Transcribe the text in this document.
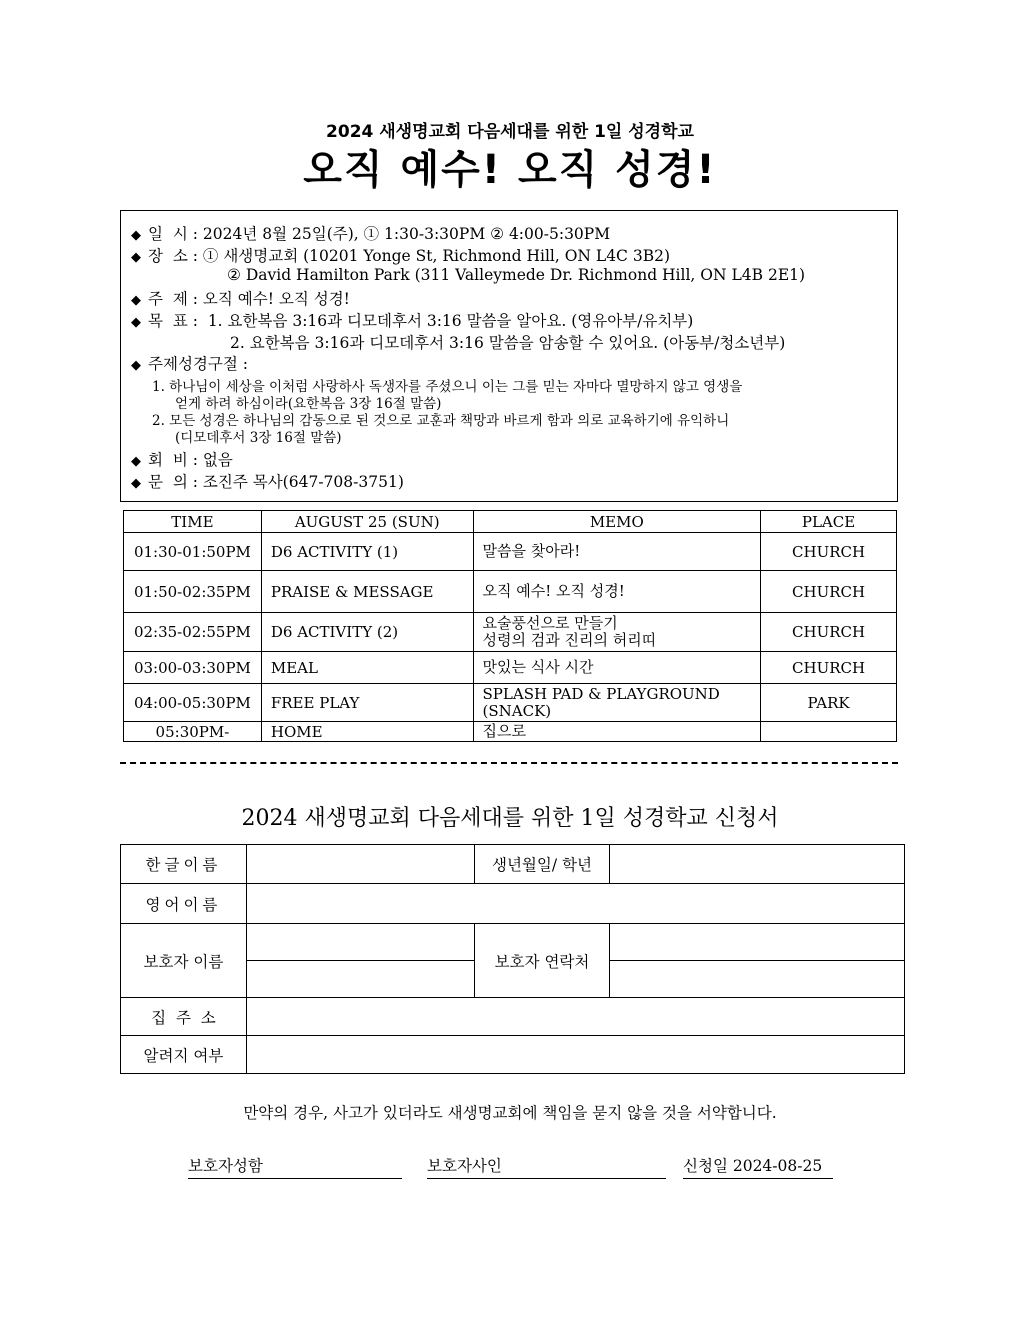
2024 새생명교회 다음세대를 위한 1일 성경학교
오직 예수! 오직 성경!
◆ 일  시 : 2024년 8월 25일(주), ① 1:30-3:30PM ② 4:00-5:30PM
◆ 장  소 : ① 새생명교회 (10201 Yonge St, Richmond Hill, ON L4C 3B2)
② David Hamilton Park (311 Valleymede Dr. Richmond Hill, ON L4B 2E1)
◆ 주  제 : 오직 예수! 오직 성경!
◆ 목  표 : 1. 요한복음 3:16과 디모데후서 3:16 말씀을 알아요. (영유아부/유치부)
2. 요한복음 3:16과 디모데후서 3:16 말씀을 암송할 수 있어요. (아동부/청소년부)
◆ 주제성경구절 :
1. 하나님이 세상을 이처럼 사랑하사 독생자를 주셨으니 이는 그를 믿는 자마다 멸망하지 않고 영생을
얻게 하려 하심이라(요한복음 3장 16절 말씀)
2. 모든 성경은 하나님의 감동으로 된 것으로 교훈과 책망과 바르게 함과 의로 교육하기에 유익하니
(디모데후서 3장 16절 말씀)
◆ 회  비 : 없음
◆ 문  의 : 조진주 목사(647-708-3751)
TIME	AUGUST 25 (SUN)	MEMO	PLACE
01:30-01:50PM	D6 ACTIVITY (1)	말씀을 찾아라!	CHURCH
01:50-02:35PM	PRAISE & MESSAGE	오직 예수! 오직 성경!	CHURCH
02:35-02:55PM	D6 ACTIVITY (2)	요술풍선으로 만들기
성령의 검과 진리의 허리띠	CHURCH
03:00-03:30PM	MEAL	맛있는 식사 시간	CHURCH
04:00-05:30PM	FREE PLAY	SPLASH PAD & PLAYGROUND
(SNACK)	PARK
05:30PM-	HOME	집으로	

2024 새생명교회 다음세대를 위한 1일 성경학교 신청서
한글이름		생년월일/ 학년	
영어이름			
보호자 이름		보호자 연락처	

집  주  소			
알려지 여부			
만약의 경우, 사고가 있더라도 새생명교회에 책임을 묻지 않을 것을 서약합니다.
보호자성함	보호자사인	신청일 2024-08-25
